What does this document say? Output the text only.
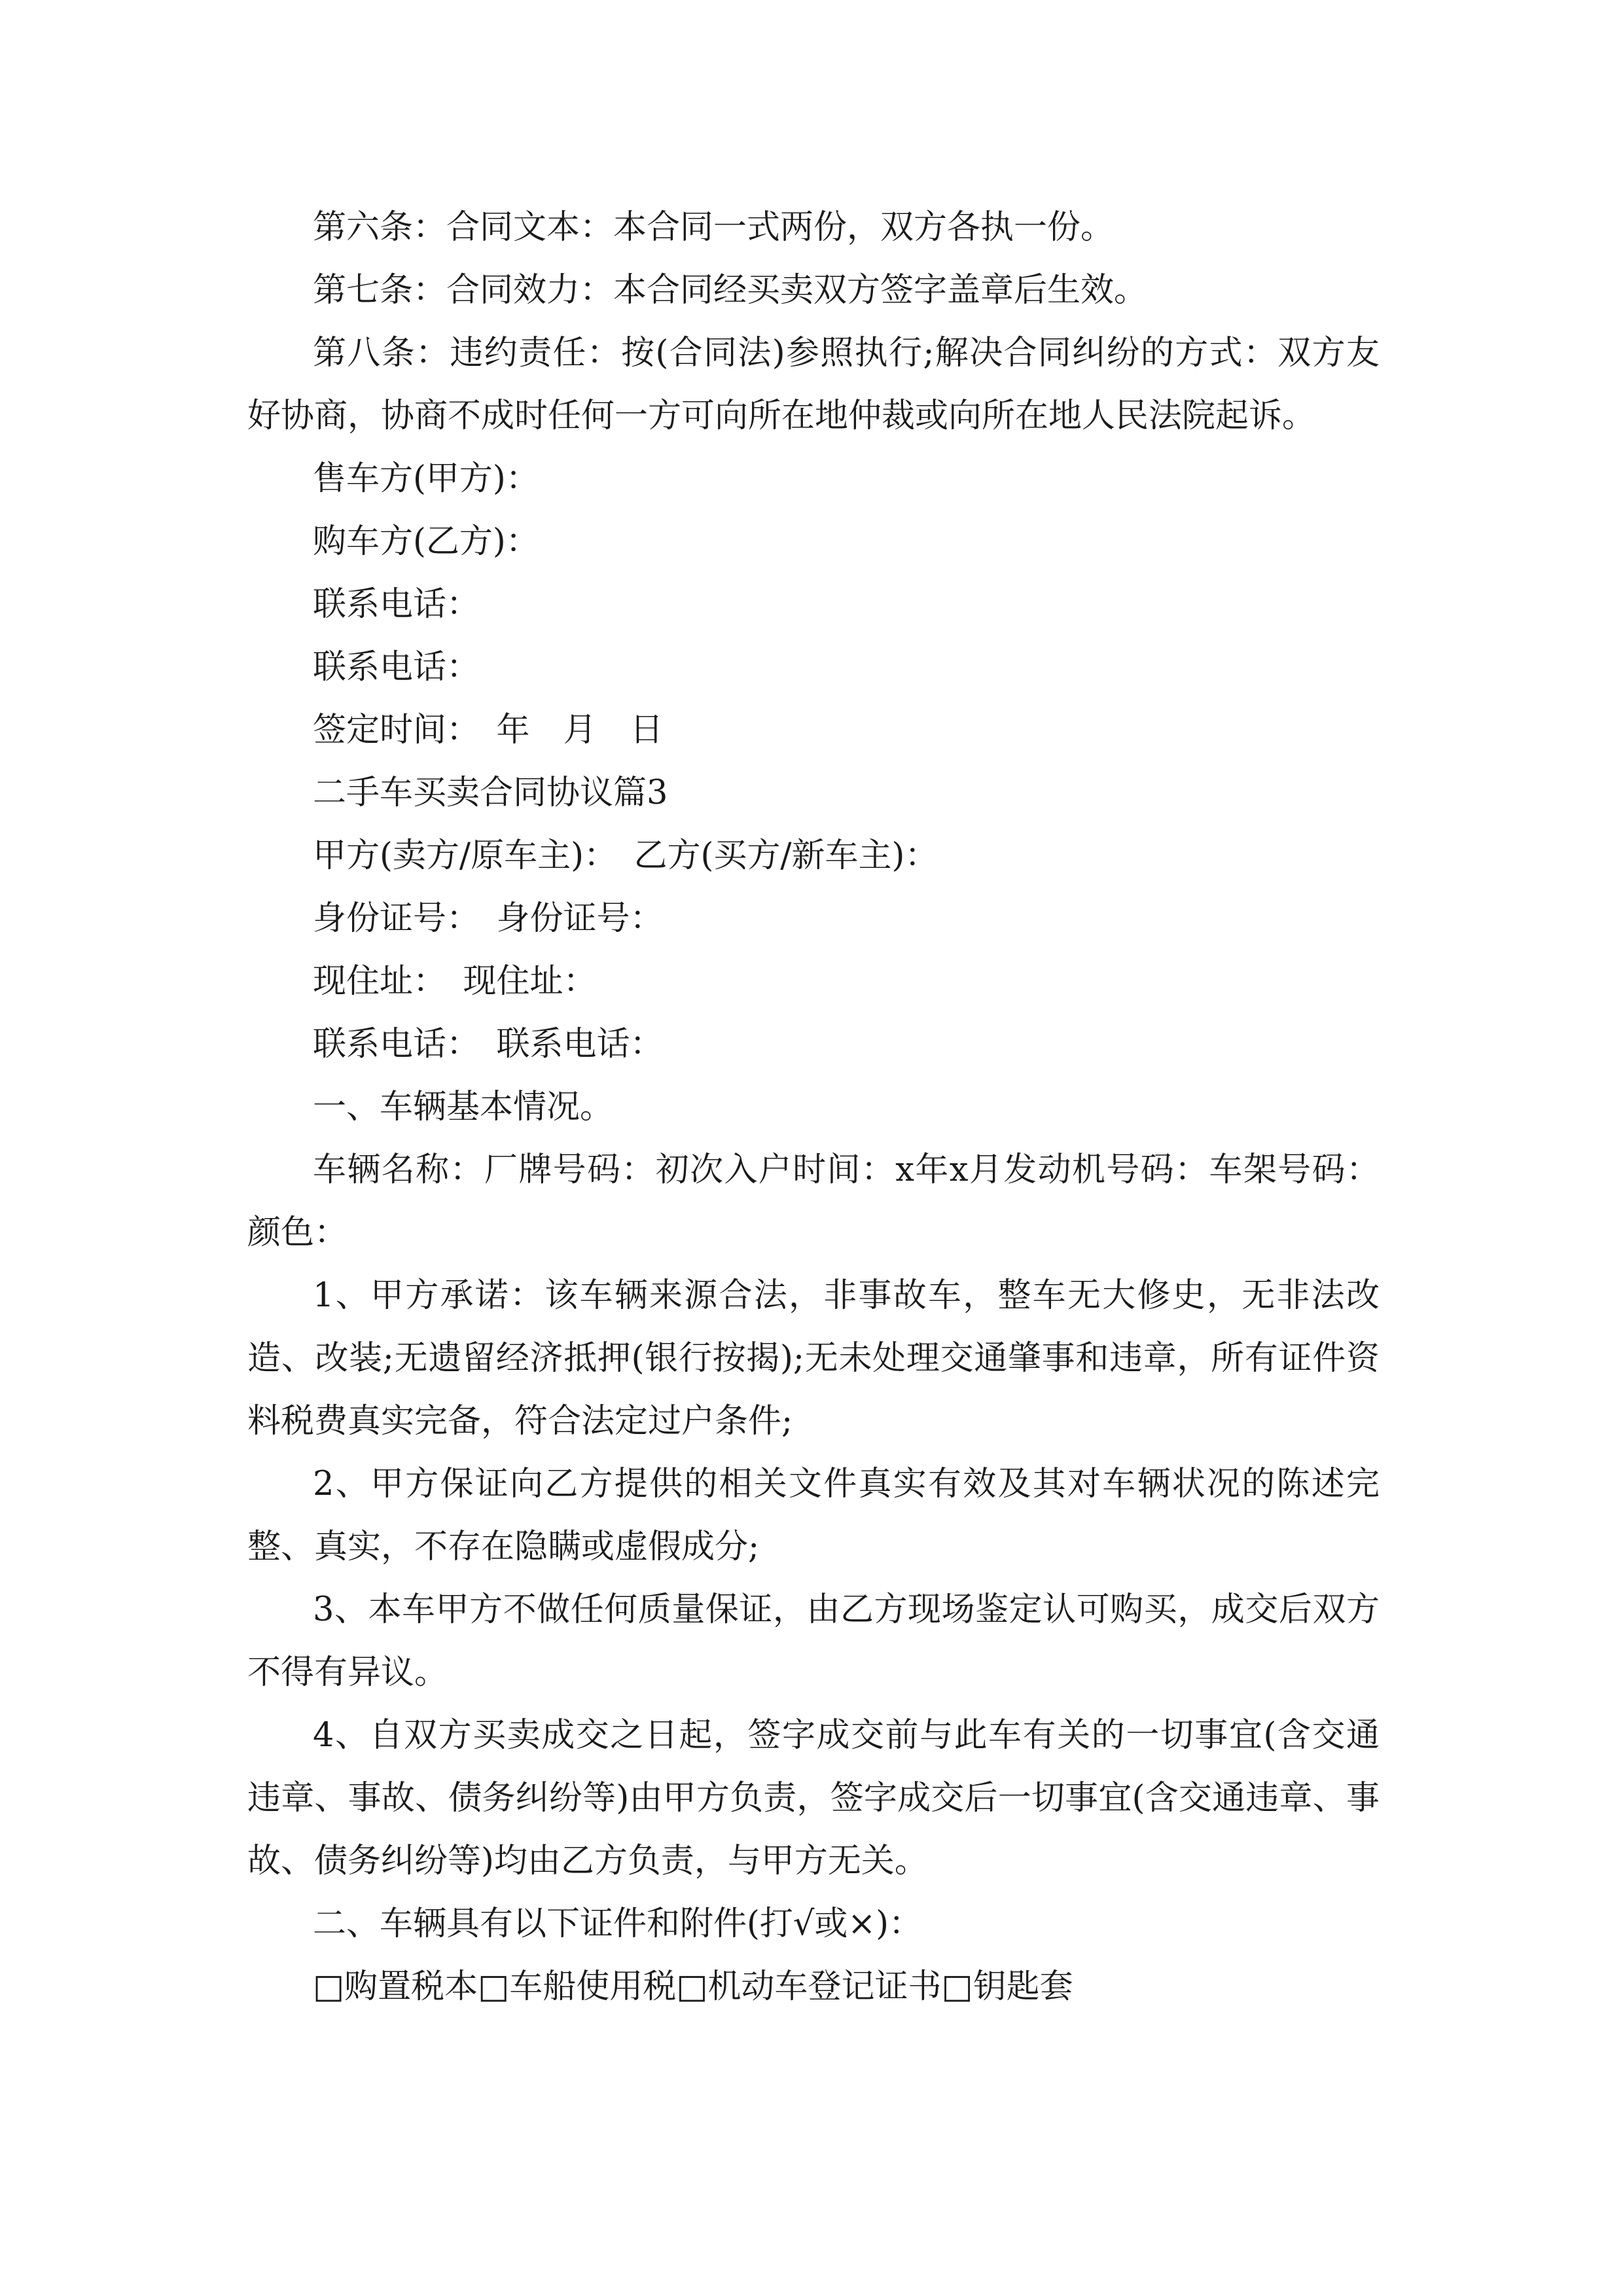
第六条：合同文本：本合同一式两份，双方各执一份。

第七条：合同效力：本合同经买卖双方签字盖章后生效。

第八条：违约责任：按(合同法)参照执行;解决合同纠纷的方式：双方友好协商，协商不成时任何一方可向所在地仲裁或向所在地人民法院起诉。

售车方(甲方)：

购车方(乙方)：

联系电话：

联系电话：

签定时间：　年　月　日

二手车买卖合同协议篇3

甲方(卖方/原车主)：　乙方(买方/新车主)：

身份证号：　身份证号：

现住址：　现住址：

联系电话：　联系电话：

一、车辆基本情况。

车辆名称：厂牌号码：初次入户时间：x年x月发动机号码：车架号码：颜色：

1、甲方承诺：该车辆来源合法，非事故车，整车无大修史，无非法改造、改装;无遗留经济抵押(银行按揭);无未处理交通肇事和违章，所有证件资料税费真实完备，符合法定过户条件;

2、甲方保证向乙方提供的相关文件真实有效及其对车辆状况的陈述完整、真实，不存在隐瞒或虚假成分;

3、本车甲方不做任何质量保证，由乙方现场鉴定认可购买，成交后双方不得有异议。

4、自双方买卖成交之日起，签字成交前与此车有关的一切事宜(含交通违章、事故、债务纠纷等)由甲方负责，签字成交后一切事宜(含交通违章、事故、债务纠纷等)均由乙方负责，与甲方无关。

二、车辆具有以下证件和附件(打√或×)：

□购置税本□车船使用税□机动车登记证书□钥匙套
